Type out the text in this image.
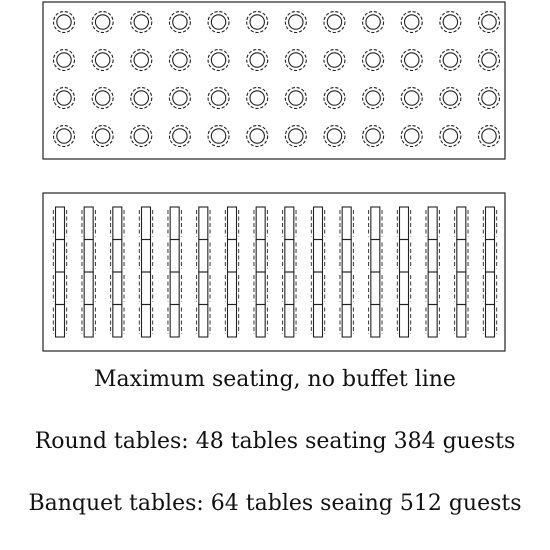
Maximum seating, no buffet line
Round tables: 48 tables seating 384 guests
Banquet tables: 64 tables seaing 512 guests
